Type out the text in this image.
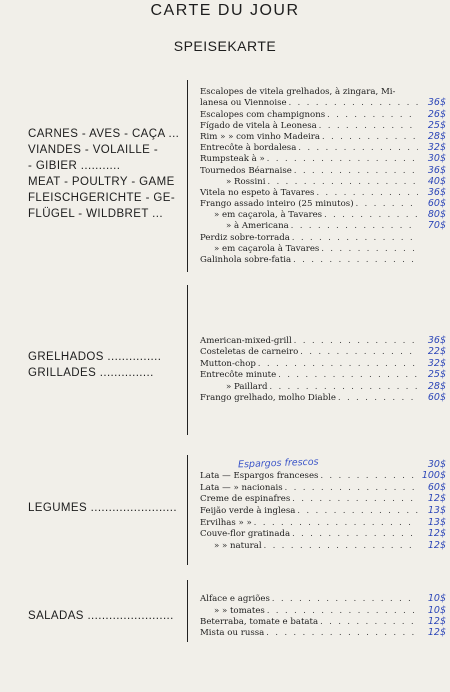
CARTE DU JOUR
SPEISEKARTE
CARNES - AVES - CAÇA ...
VIANDES - VOLAILLE -
- GIBIER ...........
MEAT - POULTRY - GAME
FLEISCHGERICHTE - GE-
FLÜGEL - WILDBRET ...
Escalopes de vitela grelhados, à zingara, Mi-
lanesa ou Viennoise . . .	36$
Escalopes com champignons . . .	26$
Fígado de vitela à Leonesa . . .	25$
Rim » » com vinho Madeira . . .	28$
Entrecôte à bordalesa . . .	32$
Rumpsteak à » . . .	30$
Tournedos Béarnaise . . .	36$
» Rossini . . .	40$
Vitela no espeto à Tavares . . .	36$
Frango assado inteiro (25 minutos) . . .	60$
» em caçarola, à Tavares . . .	80$
» à Americana . . .	70$
Perdiz sobre-torrada
. . .
» em caçarola à Tavares
. . .
Galinhola sobre-fatia
. . .
GRELHADOS ...............
GRILLADES ...............
American-mixed-grill . . .	36$
Costeletas de carneiro . . .	22$
Mutton-chop . . .	32$
Entrecôte minute . . .	25$
» Paillard . . .	28$
Frango grelhado, molho Diable . . .	60$
LEGUMES ........................
Espargos frescos	30$
Lata — Espargos franceses . . .	100$
Lata — » nacionais . . .	60$
Creme de espinafres . . .	12$
Feijão verde à inglesa . . .	13$
Ervilhas » » . . .	13$
Couve-flor gratinada . . .	12$
» » natural . . .	12$
SALADAS ........................
Alface e agriões . . .	10$
» » tomates . . .	10$
Beterraba, tomate e batata . . .	12$
Mista ou russa . . .	12$
